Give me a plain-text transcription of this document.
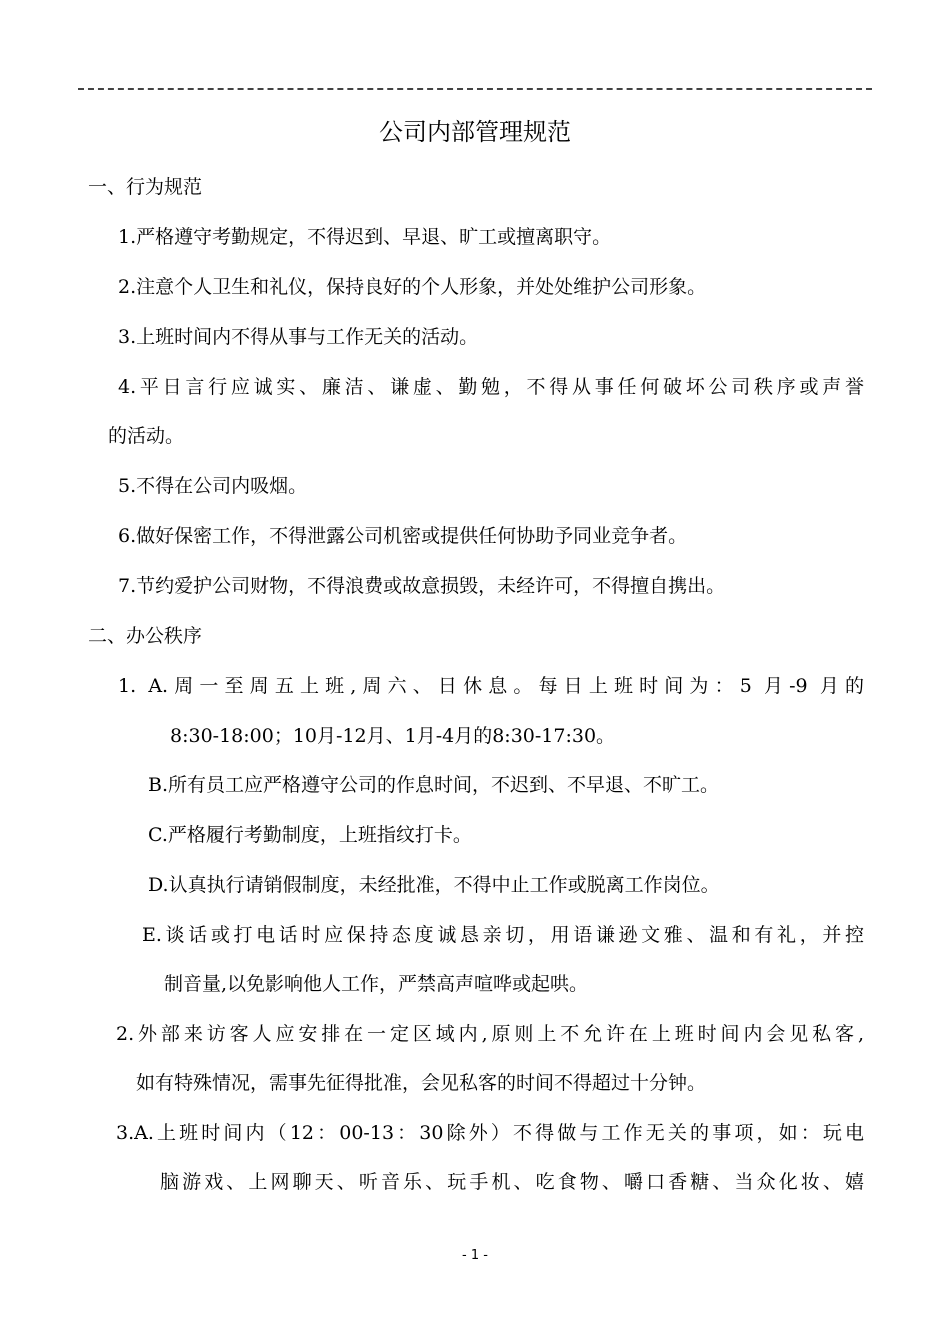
公司内部管理规范
一、行为规范
1.严格遵守考勤规定，不得迟到、早退、旷工或擅离职守。
2.注意个人卫生和礼仪，保持良好的个人形象，并处处维护公司形象。
3.上班时间内不得从事与工作无关的活动。
4.平日言行应诚实、廉洁、谦虚、勤勉，不得从事任何破坏公司秩序或声誉
的活动。
5.不得在公司内吸烟。
6.做好保密工作，不得泄露公司机密或提供任何协助予同业竞争者。
7.节约爱护公司财物，不得浪费或故意损毁，未经许可，不得擅自携出。
二、办公秩序
1. A.周一至周五上班,周六、日休息。每日上班时间为：5 月-9 月的
8:30-18:00；10月-12月、1月-4月的8:30-17:30。
B.所有员工应严格遵守公司的作息时间，不迟到、不早退、不旷工。
C.严格履行考勤制度，上班指纹打卡。
D.认真执行请销假制度，未经批准，不得中止工作或脱离工作岗位。
E.谈话或打电话时应保持态度诚恳亲切，用语谦逊文雅、温和有礼，并控
制音量,以免影响他人工作，严禁高声喧哗或起哄。
2.外部来访客人应安排在一定区域内,原则上不允许在上班时间内会见私客,
如有特殊情况，需事先征得批准，会见私客的时间不得超过十分钟。
3.A.上班时间内（12：00-13：30除外）不得做与工作无关的事项，如：玩电
脑游戏、上网聊天、听音乐、玩手机、吃食物、嚼口香糖、当众化妆、嬉
- 1 -
